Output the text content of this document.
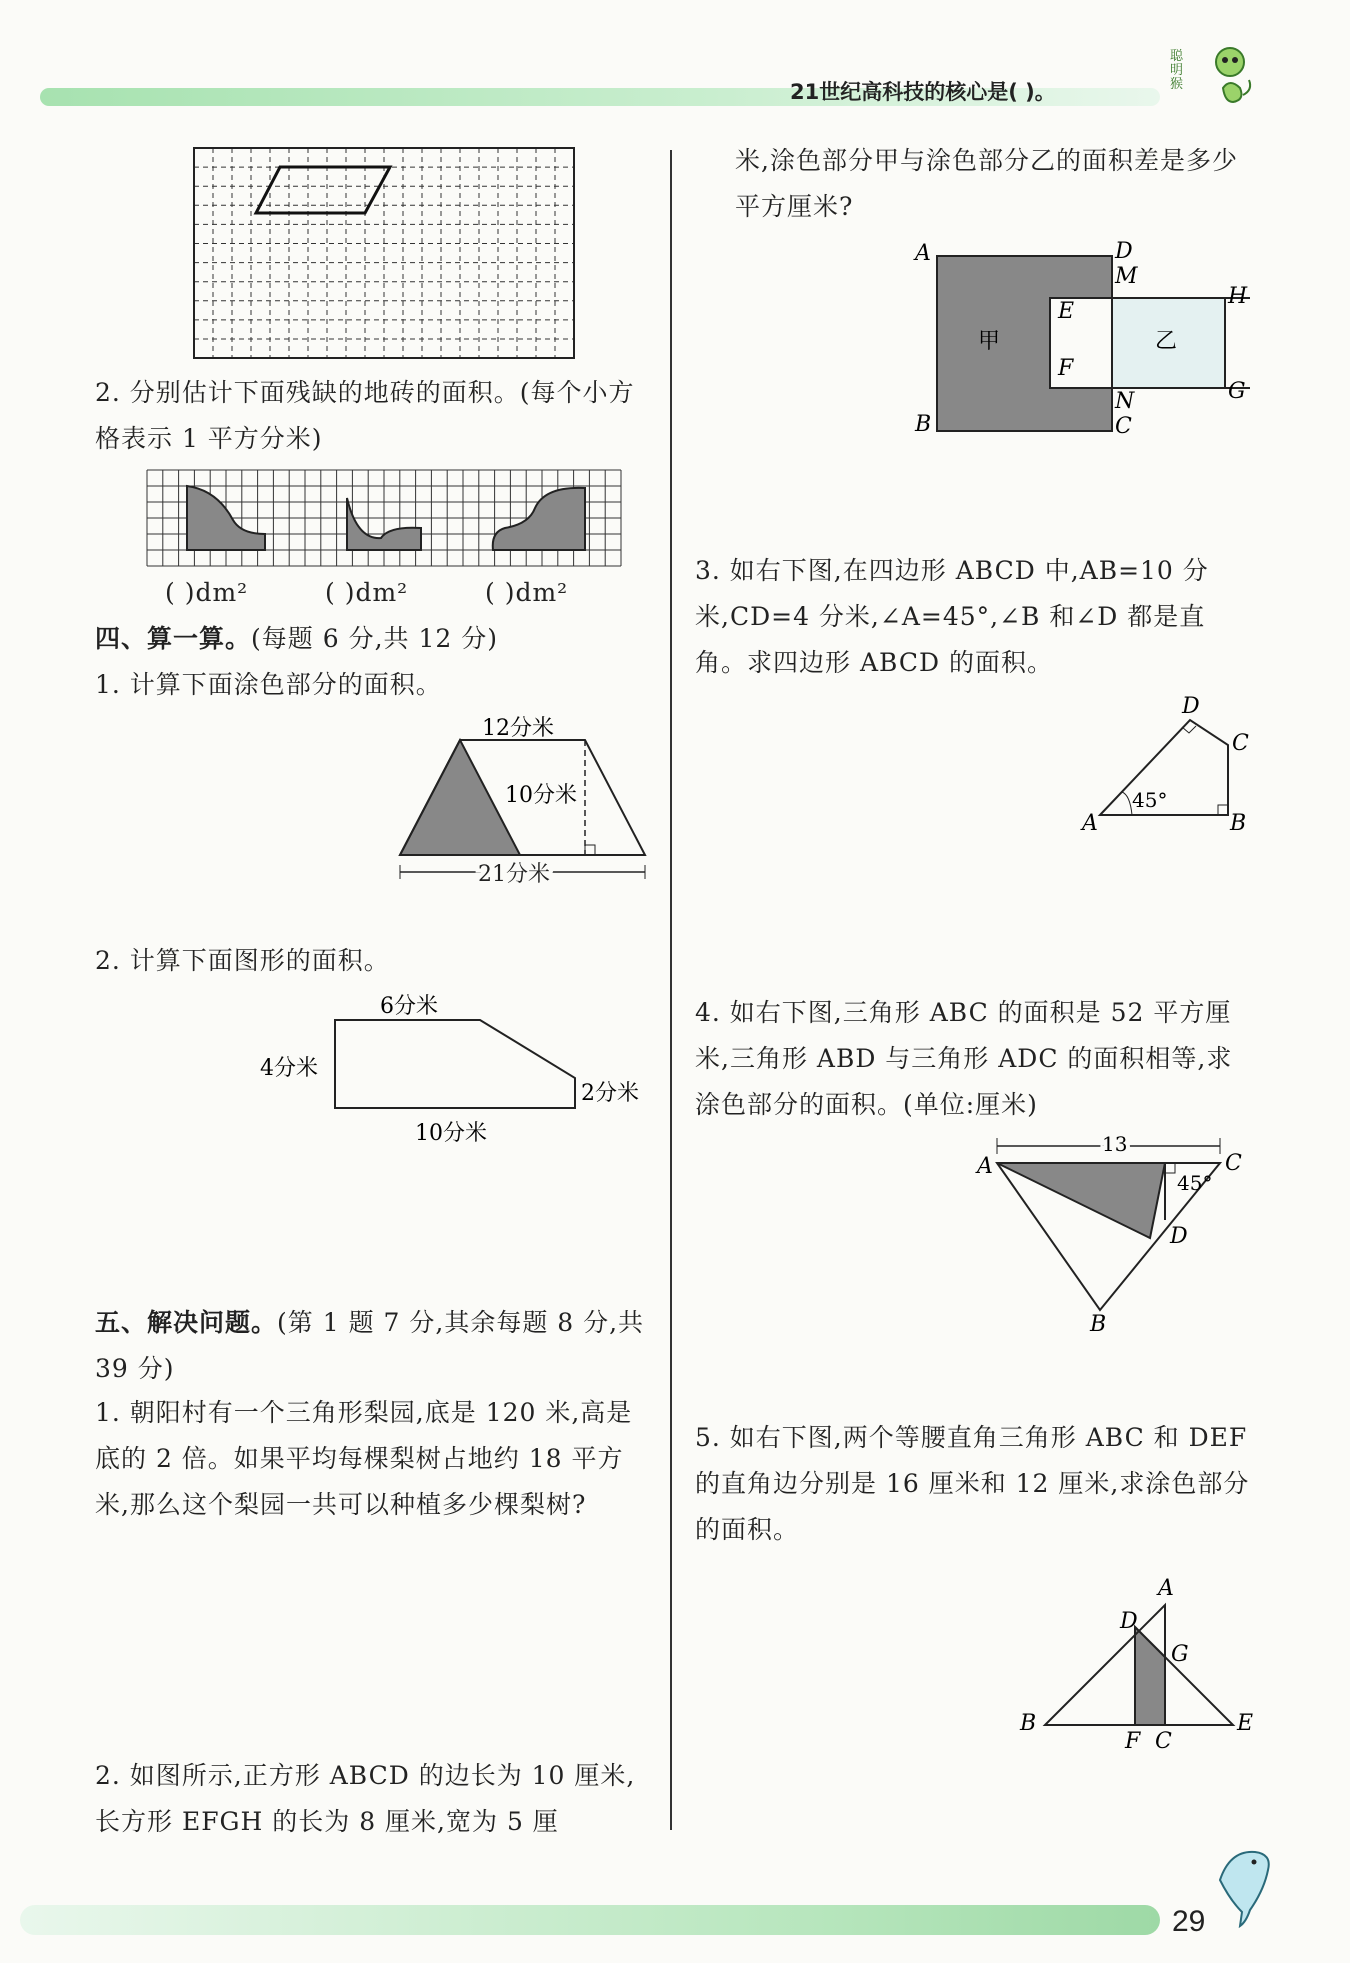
21世纪高科技的核心是( )。
聪明猴
2. 分别估计下面残缺的地砖的面积。(每个小方格表示 1 平方分米)
( )dm²	( )dm²	( )dm²
四、算一算。(每题 6 分,共 12 分)
1. 计算下面涂色部分的面积。
12分米
10分米
21分米
2. 计算下面图形的面积。
6分米
4分米
2分米
10分米
五、解决问题。(第 1 题 7 分,其余每题 8 分,共 39 分)
1. 朝阳村有一个三角形梨园,底是 120 米,高是底的 2 倍。如果平均每棵梨树占地约 18 平方米,那么这个梨园一共可以种植多少棵梨树?
2. 如图所示,正方形 ABCD 的边长为 10 厘米,长方形 EFGH 的长为 8 厘米,宽为 5 厘
米,涂色部分甲与涂色部分乙的面积差是多少平方厘米?
A
B
D
M
N
C
E
F
H
G
甲	乙
3. 如右下图,在四边形 ABCD 中,AB=10 分米,CD=4 分米,∠A=45°,∠B 和∠D 都是直角。求四边形 ABCD 的面积。
45°
A	B
C
D
4. 如右下图,三角形 ABC 的面积是 52 平方厘米,三角形 ABD 与三角形 ADC 的面积相等,求涂色部分的面积。(单位:厘米)
13
45°
A	C
D
B
5. 如右下图,两个等腰直角三角形 ABC 和 DEF 的直角边分别是 16 厘米和 12 厘米,求涂色部分的面积。
A
D
G
B	E
F C
29
